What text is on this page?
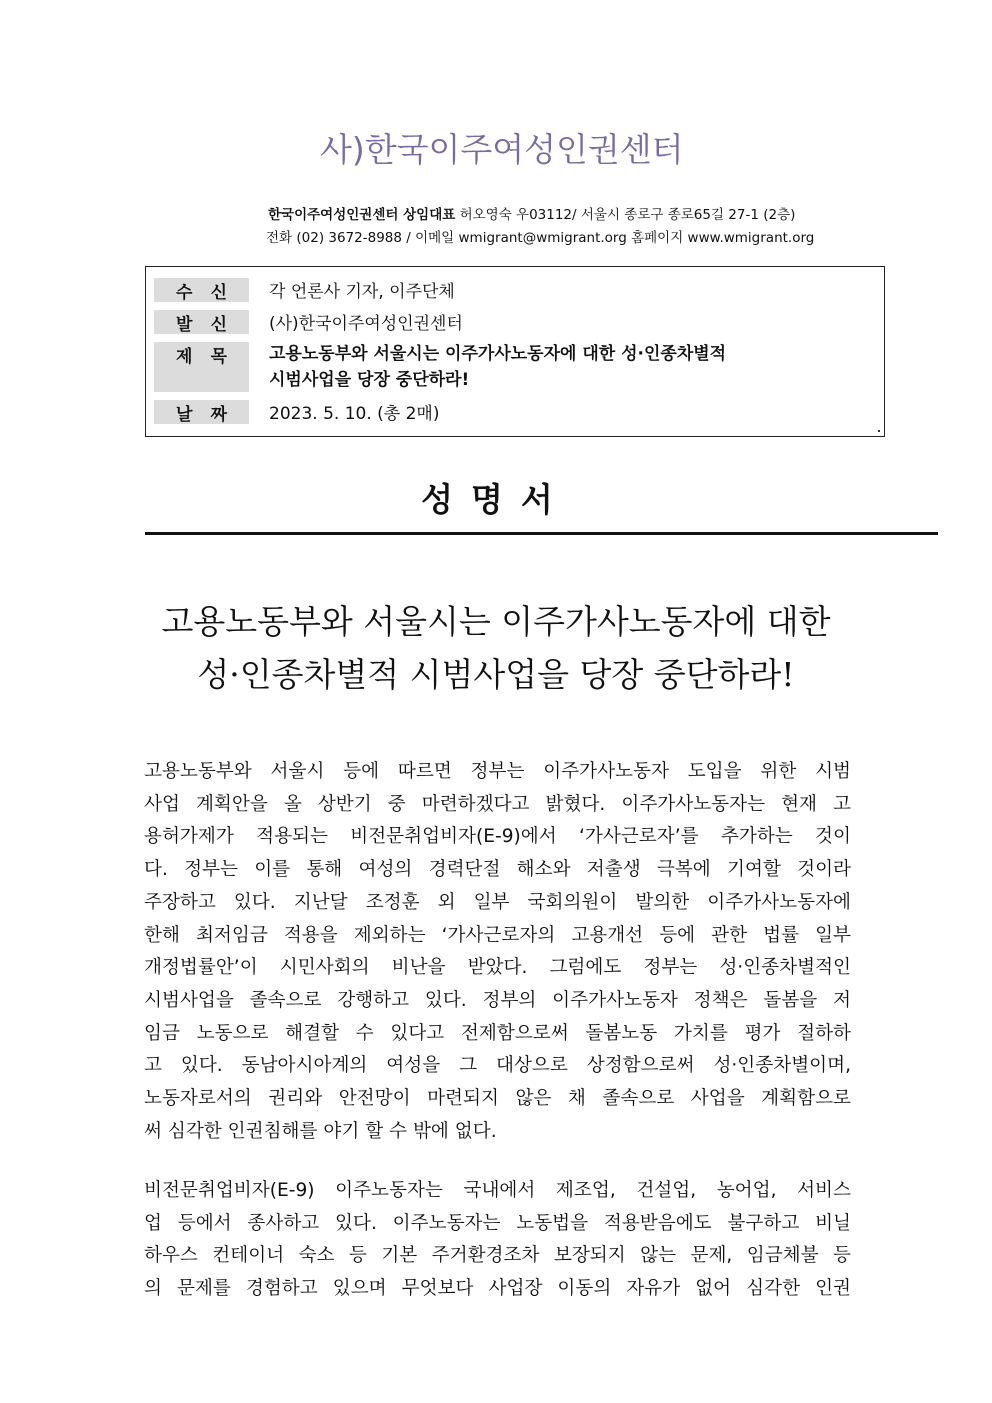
사)한국이주여성인권센터
한국이주여성인권센터 상임대표 허오영숙 우03112/ 서울시 종로구 종로65길 27-1 (2층)
전화 (02) 3672-8988 / 이메일 wmigrant@wmigrant.org 홈페이지 www.wmigrant.org
수 신 각 언론사 기자, 이주단체
발 신 (사)한국이주여성인권센터
제 목 고용노동부와 서울시는 이주가사노동자에 대한 성·인종차별적
시범사업을 당장 중단하라!
날 짜 2023. 5. 10. (총 2매)
성명서
고용노동부와 서울시는 이주가사노동자에 대한
성·인종차별적 시범사업을 당장 중단하라!
고용노동부와 서울시 등에 따르면 정부는 이주가사노동자 도입을 위한 시범
사업 계획안을 올 상반기 중 마련하겠다고 밝혔다. 이주가사노동자는 현재 고
용허가제가 적용되는 비전문취업비자(E-9)에서 ‘가사근로자’를 추가하는 것이
다. 정부는 이를 통해 여성의 경력단절 해소와 저출생 극복에 기여할 것이라
주장하고 있다. 지난달 조정훈 외 일부 국회의원이 발의한 이주가사노동자에
한해 최저임금 적용을 제외하는 ‘가사근로자의 고용개선 등에 관한 법률 일부
개정법률안’이 시민사회의 비난을 받았다. 그럼에도 정부는 성·인종차별적인
시범사업을 졸속으로 강행하고 있다. 정부의 이주가사노동자 정책은 돌봄을 저
임금 노동으로 해결할 수 있다고 전제함으로써 돌봄노동 가치를 평가 절하하
고 있다. 동남아시아계의 여성을 그 대상으로 상정함으로써 성·인종차별이며,
노동자로서의 권리와 안전망이 마련되지 않은 채 졸속으로 사업을 계획함으로
써 심각한 인권침해를 야기 할 수 밖에 없다.
비전문취업비자(E-9) 이주노동자는 국내에서 제조업, 건설업, 농어업, 서비스
업 등에서 종사하고 있다. 이주노동자는 노동법을 적용받음에도 불구하고 비닐
하우스 컨테이너 숙소 등 기본 주거환경조차 보장되지 않는 문제, 임금체불 등
의 문제를 경험하고 있으며 무엇보다 사업장 이동의 자유가 없어 심각한 인권
